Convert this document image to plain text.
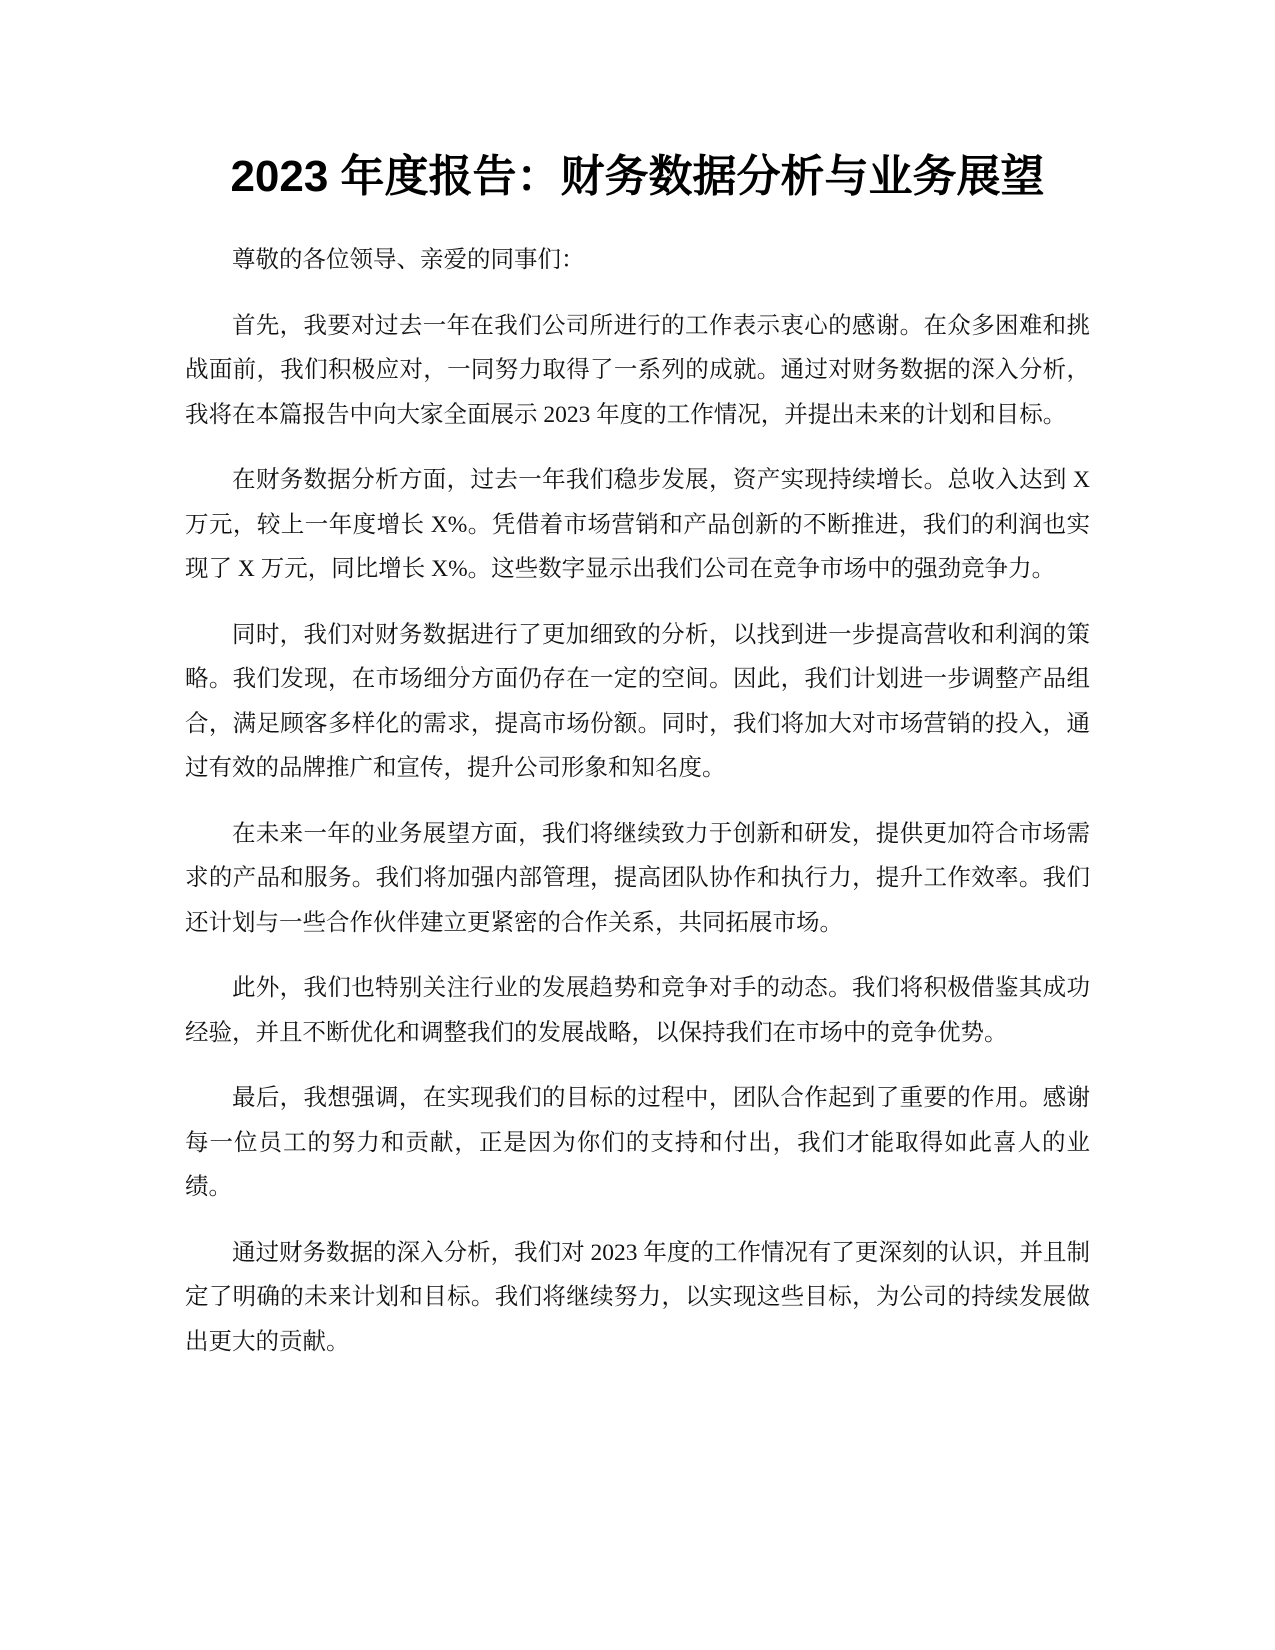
2023 年度报告：财务数据分析与业务展望

尊敬的各位领导、亲爱的同事们：

首先，我要对过去一年在我们公司所进行的工作表示衷心的感谢。在众多困难和挑战面前，我们积极应对，一同努力取得了一系列的成就。通过对财务数据的深入分析，我将在本篇报告中向大家全面展示 2023 年度的工作情况，并提出未来的计划和目标。

在财务数据分析方面，过去一年我们稳步发展，资产实现持续增长。总收入达到 X 万元，较上一年度增长 X%。凭借着市场营销和产品创新的不断推进，我们的利润也实现了 X 万元，同比增长 X%。这些数字显示出我们公司在竞争市场中的强劲竞争力。

同时，我们对财务数据进行了更加细致的分析，以找到进一步提高营收和利润的策略。我们发现，在市场细分方面仍存在一定的空间。因此，我们计划进一步调整产品组合，满足顾客多样化的需求，提高市场份额。同时，我们将加大对市场营销的投入，通过有效的品牌推广和宣传，提升公司形象和知名度。

在未来一年的业务展望方面，我们将继续致力于创新和研发，提供更加符合市场需求的产品和服务。我们将加强内部管理，提高团队协作和执行力，提升工作效率。我们还计划与一些合作伙伴建立更紧密的合作关系，共同拓展市场。

此外，我们也特别关注行业的发展趋势和竞争对手的动态。我们将积极借鉴其成功经验，并且不断优化和调整我们的发展战略，以保持我们在市场中的竞争优势。

最后，我想强调，在实现我们的目标的过程中，团队合作起到了重要的作用。感谢每一位员工的努力和贡献，正是因为你们的支持和付出，我们才能取得如此喜人的业绩。

通过财务数据的深入分析，我们对 2023 年度的工作情况有了更深刻的认识，并且制定了明确的未来计划和目标。我们将继续努力，以实现这些目标，为公司的持续发展做出更大的贡献。
